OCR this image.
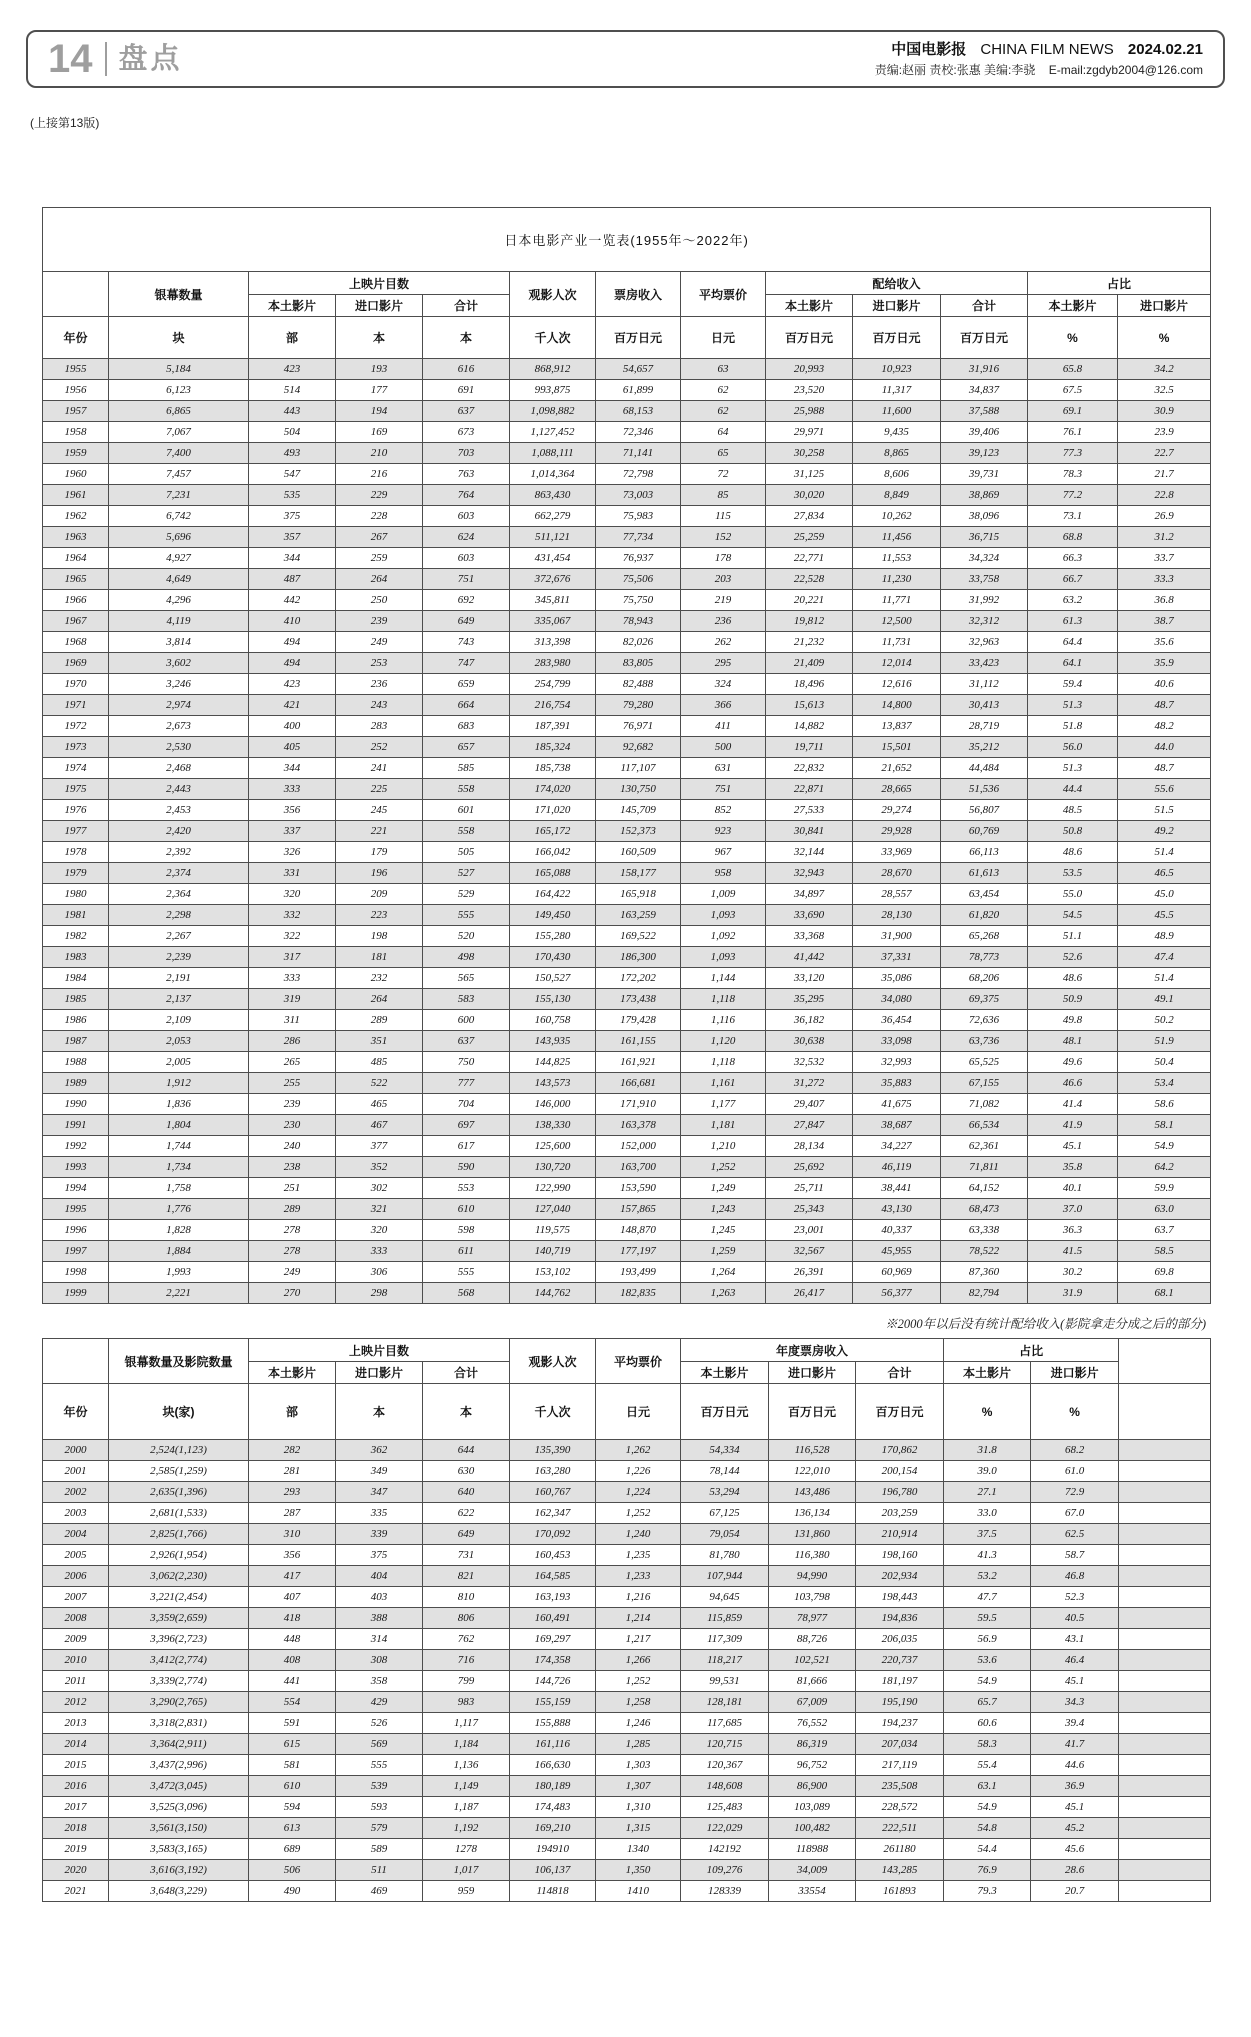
14 盘点	中国电影报 CHINA FILM NEWS 2024.02.21
责编:赵丽 责校:张惠 美编:李骁 E-mail:zgdyb2004@126.com
(上接第13版)
日本电影产业一览表(1955年～2022年)												
	银幕数量	上映片目数			观影人次	票房收入	平均票价	配给收入			占比	
		本土影片	进口影片	合计				本土影片	进口影片	合计	本土影片	进口影片
年份	块	部	本	本	千人次	百万日元	日元	百万日元	百万日元	百万日元	%	%
1955	5,184	423	193	616	868,912	54,657	63	20,993	10,923	31,916	65.8	34.2
1956	6,123	514	177	691	993,875	61,899	62	23,520	11,317	34,837	67.5	32.5
1957	6,865	443	194	637	1,098,882	68,153	62	25,988	11,600	37,588	69.1	30.9
1958	7,067	504	169	673	1,127,452	72,346	64	29,971	9,435	39,406	76.1	23.9
1959	7,400	493	210	703	1,088,111	71,141	65	30,258	8,865	39,123	77.3	22.7
1960	7,457	547	216	763	1,014,364	72,798	72	31,125	8,606	39,731	78.3	21.7
1961	7,231	535	229	764	863,430	73,003	85	30,020	8,849	38,869	77.2	22.8
1962	6,742	375	228	603	662,279	75,983	115	27,834	10,262	38,096	73.1	26.9
1963	5,696	357	267	624	511,121	77,734	152	25,259	11,456	36,715	68.8	31.2
1964	4,927	344	259	603	431,454	76,937	178	22,771	11,553	34,324	66.3	33.7
1965	4,649	487	264	751	372,676	75,506	203	22,528	11,230	33,758	66.7	33.3
1966	4,296	442	250	692	345,811	75,750	219	20,221	11,771	31,992	63.2	36.8
1967	4,119	410	239	649	335,067	78,943	236	19,812	12,500	32,312	61.3	38.7
1968	3,814	494	249	743	313,398	82,026	262	21,232	11,731	32,963	64.4	35.6
1969	3,602	494	253	747	283,980	83,805	295	21,409	12,014	33,423	64.1	35.9
1970	3,246	423	236	659	254,799	82,488	324	18,496	12,616	31,112	59.4	40.6
1971	2,974	421	243	664	216,754	79,280	366	15,613	14,800	30,413	51.3	48.7
1972	2,673	400	283	683	187,391	76,971	411	14,882	13,837	28,719	51.8	48.2
1973	2,530	405	252	657	185,324	92,682	500	19,711	15,501	35,212	56.0	44.0
1974	2,468	344	241	585	185,738	117,107	631	22,832	21,652	44,484	51.3	48.7
1975	2,443	333	225	558	174,020	130,750	751	22,871	28,665	51,536	44.4	55.6
1976	2,453	356	245	601	171,020	145,709	852	27,533	29,274	56,807	48.5	51.5
1977	2,420	337	221	558	165,172	152,373	923	30,841	29,928	60,769	50.8	49.2
1978	2,392	326	179	505	166,042	160,509	967	32,144	33,969	66,113	48.6	51.4
1979	2,374	331	196	527	165,088	158,177	958	32,943	28,670	61,613	53.5	46.5
1980	2,364	320	209	529	164,422	165,918	1,009	34,897	28,557	63,454	55.0	45.0
1981	2,298	332	223	555	149,450	163,259	1,093	33,690	28,130	61,820	54.5	45.5
1982	2,267	322	198	520	155,280	169,522	1,092	33,368	31,900	65,268	51.1	48.9
1983	2,239	317	181	498	170,430	186,300	1,093	41,442	37,331	78,773	52.6	47.4
1984	2,191	333	232	565	150,527	172,202	1,144	33,120	35,086	68,206	48.6	51.4
1985	2,137	319	264	583	155,130	173,438	1,118	35,295	34,080	69,375	50.9	49.1
1986	2,109	311	289	600	160,758	179,428	1,116	36,182	36,454	72,636	49.8	50.2
1987	2,053	286	351	637	143,935	161,155	1,120	30,638	33,098	63,736	48.1	51.9
1988	2,005	265	485	750	144,825	161,921	1,118	32,532	32,993	65,525	49.6	50.4
1989	1,912	255	522	777	143,573	166,681	1,161	31,272	35,883	67,155	46.6	53.4
1990	1,836	239	465	704	146,000	171,910	1,177	29,407	41,675	71,082	41.4	58.6
1991	1,804	230	467	697	138,330	163,378	1,181	27,847	38,687	66,534	41.9	58.1
1992	1,744	240	377	617	125,600	152,000	1,210	28,134	34,227	62,361	45.1	54.9
1993	1,734	238	352	590	130,720	163,700	1,252	25,692	46,119	71,811	35.8	64.2
1994	1,758	251	302	553	122,990	153,590	1,249	25,711	38,441	64,152	40.1	59.9
1995	1,776	289	321	610	127,040	157,865	1,243	25,343	43,130	68,473	37.0	63.0
1996	1,828	278	320	598	119,575	148,870	1,245	23,001	40,337	63,338	36.3	63.7
1997	1,884	278	333	611	140,719	177,197	1,259	32,567	45,955	78,522	41.5	58.5
1998	1,993	249	306	555	153,102	193,499	1,264	26,391	60,969	87,360	30.2	69.8
1999	2,221	270	298	568	144,762	182,835	1,263	26,417	56,377	82,794	31.9	68.1
※2000年以后没有统计配给收入(影院拿走分成之后的部分)
	银幕数量及影院数量	上映片目数			观影人次	平均票价	年度票房收入			占比		
		本土影片	进口影片	合计			本土影片	进口影片	合计	本土影片	进口影片	
年份	块(家)	部	本	本	千人次	日元	百万日元	百万日元	百万日元	%	%	
2000	2,524(1,123)	282	362	644	135,390	1,262	54,334	116,528	170,862	31.8	68.2	
2001	2,585(1,259)	281	349	630	163,280	1,226	78,144	122,010	200,154	39.0	61.0	
2002	2,635(1,396)	293	347	640	160,767	1,224	53,294	143,486	196,780	27.1	72.9	
2003	2,681(1,533)	287	335	622	162,347	1,252	67,125	136,134	203,259	33.0	67.0	
2004	2,825(1,766)	310	339	649	170,092	1,240	79,054	131,860	210,914	37.5	62.5	
2005	2,926(1,954)	356	375	731	160,453	1,235	81,780	116,380	198,160	41.3	58.7	
2006	3,062(2,230)	417	404	821	164,585	1,233	107,944	94,990	202,934	53.2	46.8	
2007	3,221(2,454)	407	403	810	163,193	1,216	94,645	103,798	198,443	47.7	52.3	
2008	3,359(2,659)	418	388	806	160,491	1,214	115,859	78,977	194,836	59.5	40.5	
2009	3,396(2,723)	448	314	762	169,297	1,217	117,309	88,726	206,035	56.9	43.1	
2010	3,412(2,774)	408	308	716	174,358	1,266	118,217	102,521	220,737	53.6	46.4	
2011	3,339(2,774)	441	358	799	144,726	1,252	99,531	81,666	181,197	54.9	45.1	
2012	3,290(2,765)	554	429	983	155,159	1,258	128,181	67,009	195,190	65.7	34.3	
2013	3,318(2,831)	591	526	1,117	155,888	1,246	117,685	76,552	194,237	60.6	39.4	
2014	3,364(2,911)	615	569	1,184	161,116	1,285	120,715	86,319	207,034	58.3	41.7	
2015	3,437(2,996)	581	555	1,136	166,630	1,303	120,367	96,752	217,119	55.4	44.6	
2016	3,472(3,045)	610	539	1,149	180,189	1,307	148,608	86,900	235,508	63.1	36.9	
2017	3,525(3,096)	594	593	1,187	174,483	1,310	125,483	103,089	228,572	54.9	45.1	
2018	3,561(3,150)	613	579	1,192	169,210	1,315	122,029	100,482	222,511	54.8	45.2	
2019	3,583(3,165)	689	589	1278	194910	1340	142192	118988	261180	54.4	45.6	
2020	3,616(3,192)	506	511	1,017	106,137	1,350	109,276	34,009	143,285	76.9	28.6	
2021	3,648(3,229)	490	469	959	114818	1410	128339	33554	161893	79.3	20.7	
